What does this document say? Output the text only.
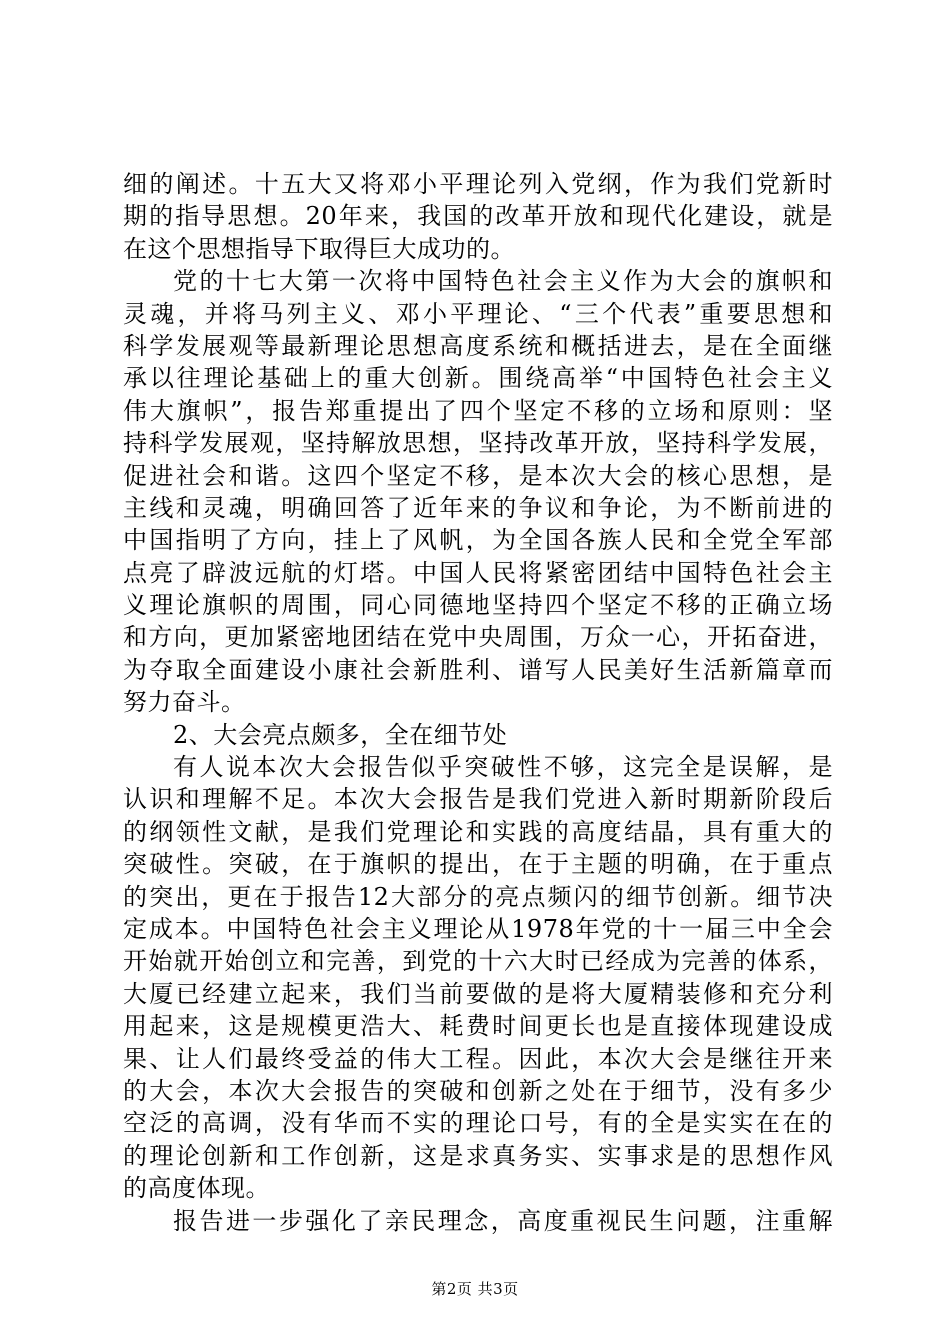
细的阐述。十五大又将邓小平理论列入党纲，作为我们党新时
期的指导思想。20年来，我国的改革开放和现代化建设，就是
在这个思想指导下取得巨大成功的。
党的十七大第一次将中国特色社会主义作为大会的旗帜和
灵魂，并将马列主义、邓小平理论、“三个代表”重要思想和
科学发展观等最新理论思想高度系统和概括进去，是在全面继
承以往理论基础上的重大创新。围绕高举“中国特色社会主义
伟大旗帜”，报告郑重提出了四个坚定不移的立场和原则：坚
持科学发展观，坚持解放思想，坚持改革开放，坚持科学发展，
促进社会和谐。这四个坚定不移，是本次大会的核心思想，是
主线和灵魂，明确回答了近年来的争议和争论，为不断前进的
中国指明了方向，挂上了风帆，为全国各族人民和全党全军部
点亮了辟波远航的灯塔。中国人民将紧密团结中国特色社会主
义理论旗帜的周围，同心同德地坚持四个坚定不移的正确立场
和方向，更加紧密地团结在党中央周围，万众一心，开拓奋进，
为夺取全面建设小康社会新胜利、谱写人民美好生活新篇章而
努力奋斗。
2、大会亮点颇多，全在细节处
有人说本次大会报告似乎突破性不够，这完全是误解，是
认识和理解不足。本次大会报告是我们党进入新时期新阶段后
的纲领性文献，是我们党理论和实践的高度结晶，具有重大的
突破性。突破，在于旗帜的提出，在于主题的明确，在于重点
的突出，更在于报告12大部分的亮点频闪的细节创新。细节决
定成本。中国特色社会主义理论从1978年党的十一届三中全会
开始就开始创立和完善，到党的十六大时已经成为完善的体系，
大厦已经建立起来，我们当前要做的是将大厦精装修和充分利
用起来，这是规模更浩大、耗费时间更长也是直接体现建设成
果、让人们最终受益的伟大工程。因此，本次大会是继往开来
的大会，本次大会报告的突破和创新之处在于细节，没有多少
空泛的高调，没有华而不实的理论口号，有的全是实实在在的
的理论创新和工作创新，这是求真务实、实事求是的思想作风
的高度体现。
报告进一步强化了亲民理念，高度重视民生问题，注重解
第2页 共3页
